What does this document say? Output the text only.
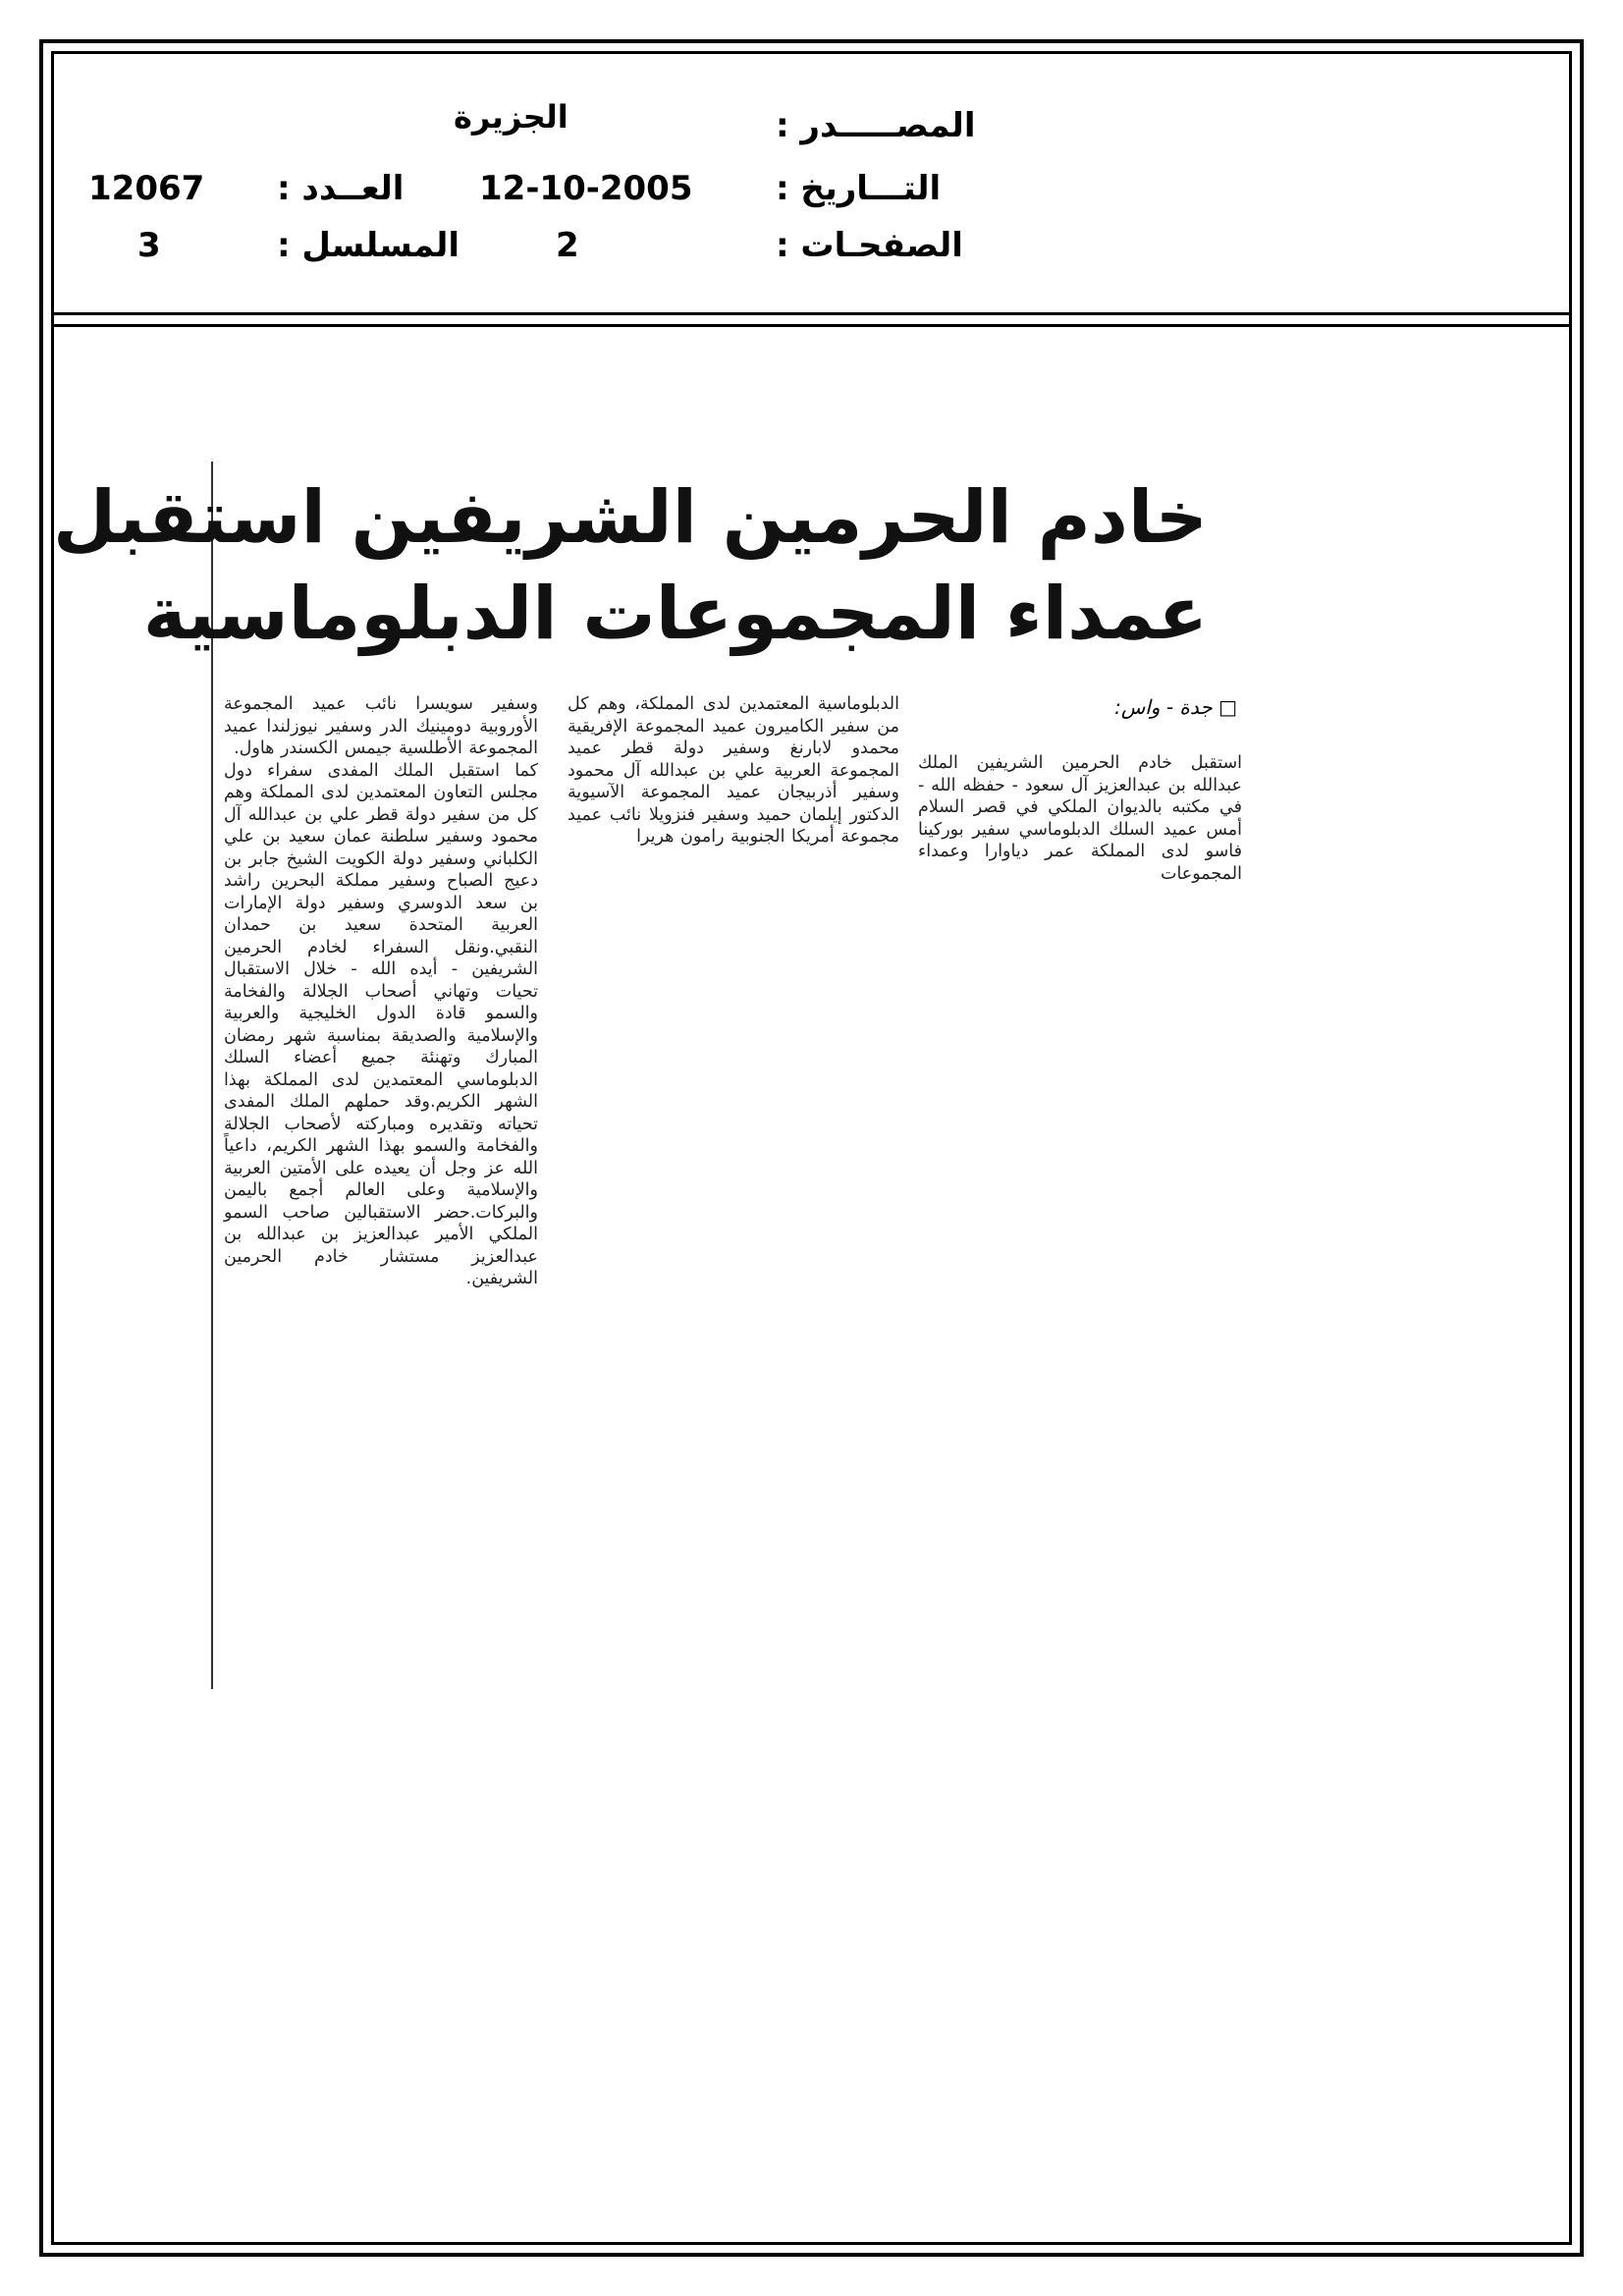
المصـــــدر :
الجزيرة
التـــاريخ :
12-10-2005
العــدد :
12067
الصفحـات :
2
المسلسل :
3
خادم الحرمين الشريفين استقبل
عمداء المجموعات الدبلوماسية
□ جدة - واس:
استقبل خادم الحرمين الشريفين الملك عبدالله بن عبدالعزيز آل سعود - حفظه الله - في مكتبه بالديوان الملكي في قصر السلام أمس عميد السلك الدبلوماسي سفير بوركينا فاسو لدى المملكة عمر دياوارا وعمداء المجموعات
الدبلوماسية المعتمدين لدى المملكة، وهم كل من سفير الكاميرون عميد المجموعة الإفريقية محمدو لابارنغ وسفير دولة قطر عميد المجموعة العربية علي بن عبدالله آل محمود وسفير أذربيجان عميد المجموعة الآسيوية الدكتور إيلمان حميد وسفير فنزويلا نائب عميد مجموعة أمريكا الجنوبية رامون هريرا

وسفير سويسرا نائب عميد المجموعة الأوروبية دومينيك الدر وسفير نيوزلندا عميد المجموعة الأطلسية جيمس الكسندر هاول.

كما استقبل الملك المفدى سفراء دول مجلس التعاون المعتمدين لدى المملكة وهم كل من سفير دولة قطر علي بن عبدالله آل محمود وسفير سلطنة عمان سعيد بن علي الكلباني وسفير دولة الكويت الشيخ جابر بن دعيج الصباح وسفير مملكة البحرين راشد بن سعد الدوسري وسفير دولة الإمارات العربية المتحدة سعيد بن حمدان النقبي.ونقل السفراء لخادم الحرمين الشريفين - أيده الله - خلال الاستقبال تحيات وتهاني أصحاب الجلالة والفخامة والسمو قادة الدول الخليجية والعربية والإسلامية والصديقة بمناسبة شهر رمضان المبارك وتهنئة جميع أعضاء السلك الدبلوماسي المعتمدين لدى المملكة بهذا الشهر الكريم.وقد حملهم الملك المفدى تحياته وتقديره ومباركته لأصحاب الجلالة والفخامة والسمو بهذا الشهر الكريم، داعياً الله عز وجل أن يعيده على الأمتين العربية والإسلامية وعلى العالم أجمع باليمن والبركات.حضر الاستقبالين صاحب السمو الملكي الأمير عبدالعزيز بن عبدالله بن عبدالعزيز مستشار خادم الحرمين الشريفين.
